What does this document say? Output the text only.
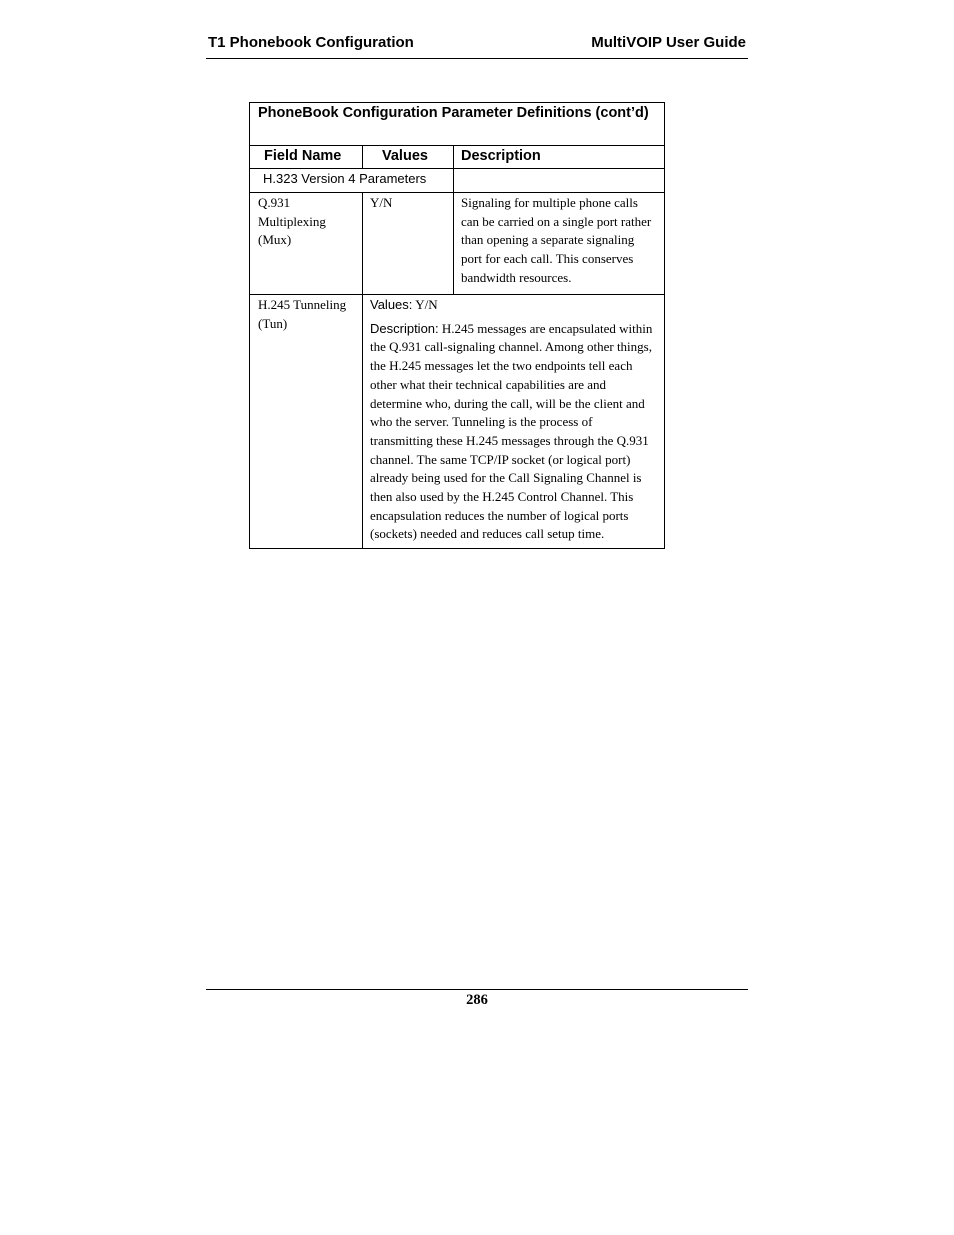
T1 Phonebook Configuration	MultiVOIP User Guide
PhoneBook Configuration Parameter Definitions (cont’d)		

Field Name	Values	Description

H.323 Version 4 Parameters		

Q.931 Multiplexing (Mux)	Y/N	Signaling for multiple phone calls can be carried on a single port rather than opening a separate signaling port for each call. This conserves bandwidth resources.

H.245 Tunneling (Tun)	Values: Y/N
Description: H.245 messages are encapsulated within the Q.931 call-signaling channel. Among other things, the H.245 messages let the two endpoints tell each other what their technical capabilities are and determine who, during the call, will be the client and who the server. Tunneling is the process of transmitting these H.245 messages through the Q.931 channel. The same TCP/IP socket (or logical port) already being used for the Call Signaling Channel is then also used by the H.245 Control Channel. This encapsulation reduces the number of logical ports (sockets) needed and reduces call setup time.	
286
